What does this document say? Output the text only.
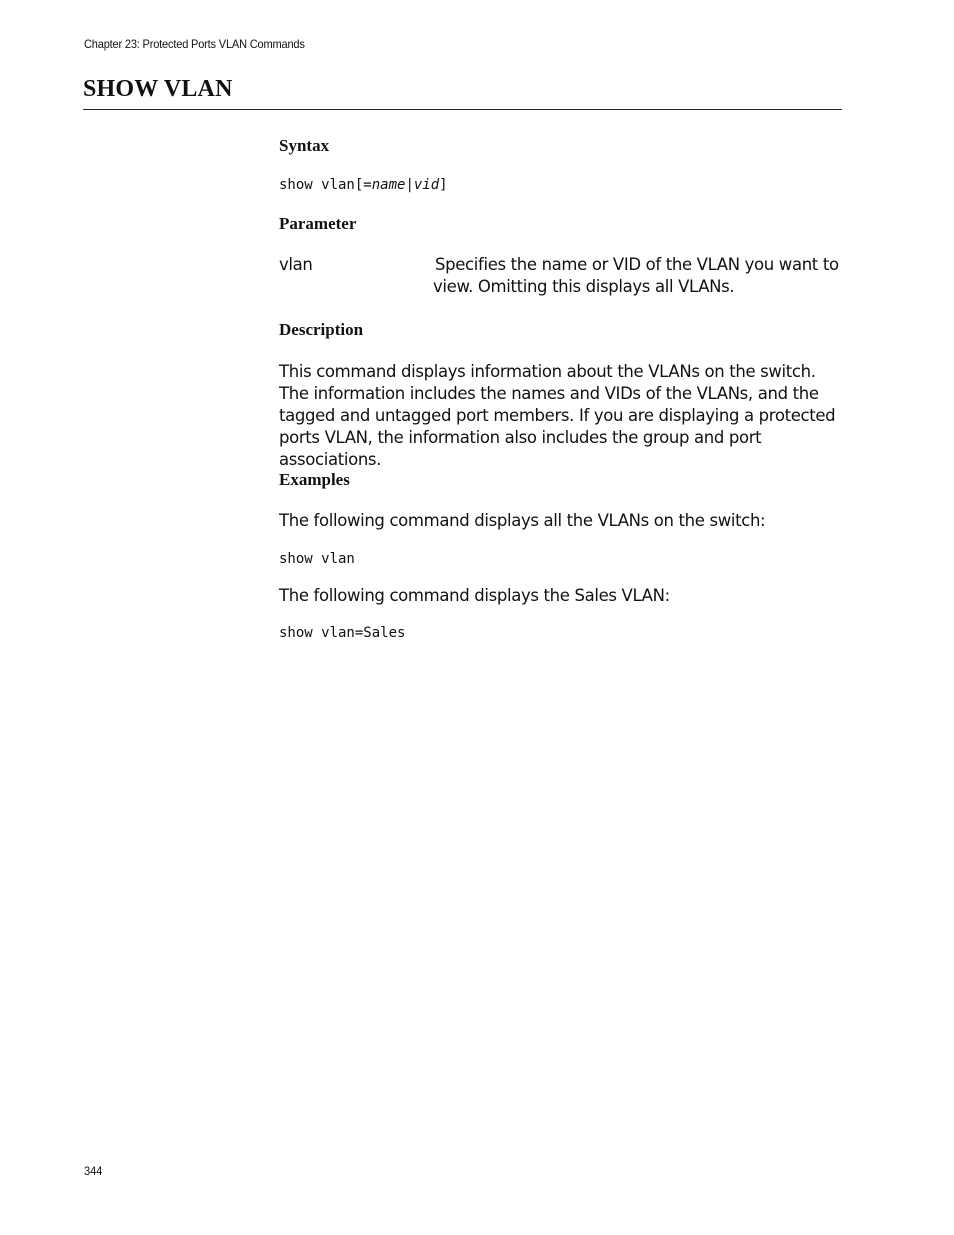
Chapter 23: Protected Ports VLAN Commands
SHOW VLAN
Syntax
show vlan[=name|vid]
Parameter
vlan	Specifies the name or VID of the VLAN you want to view. Omitting this displays all VLANs.

Description

This command displays information about the VLANs on the switch. The information includes the names and VIDs of the VLANs, and the tagged and untagged port members. If you are displaying a protected ports VLAN, the information also includes the group and port associations.

Examples

The following command displays all the VLANs on the switch:

show vlan

The following command displays the Sales VLAN:

show vlan=Sales
344
